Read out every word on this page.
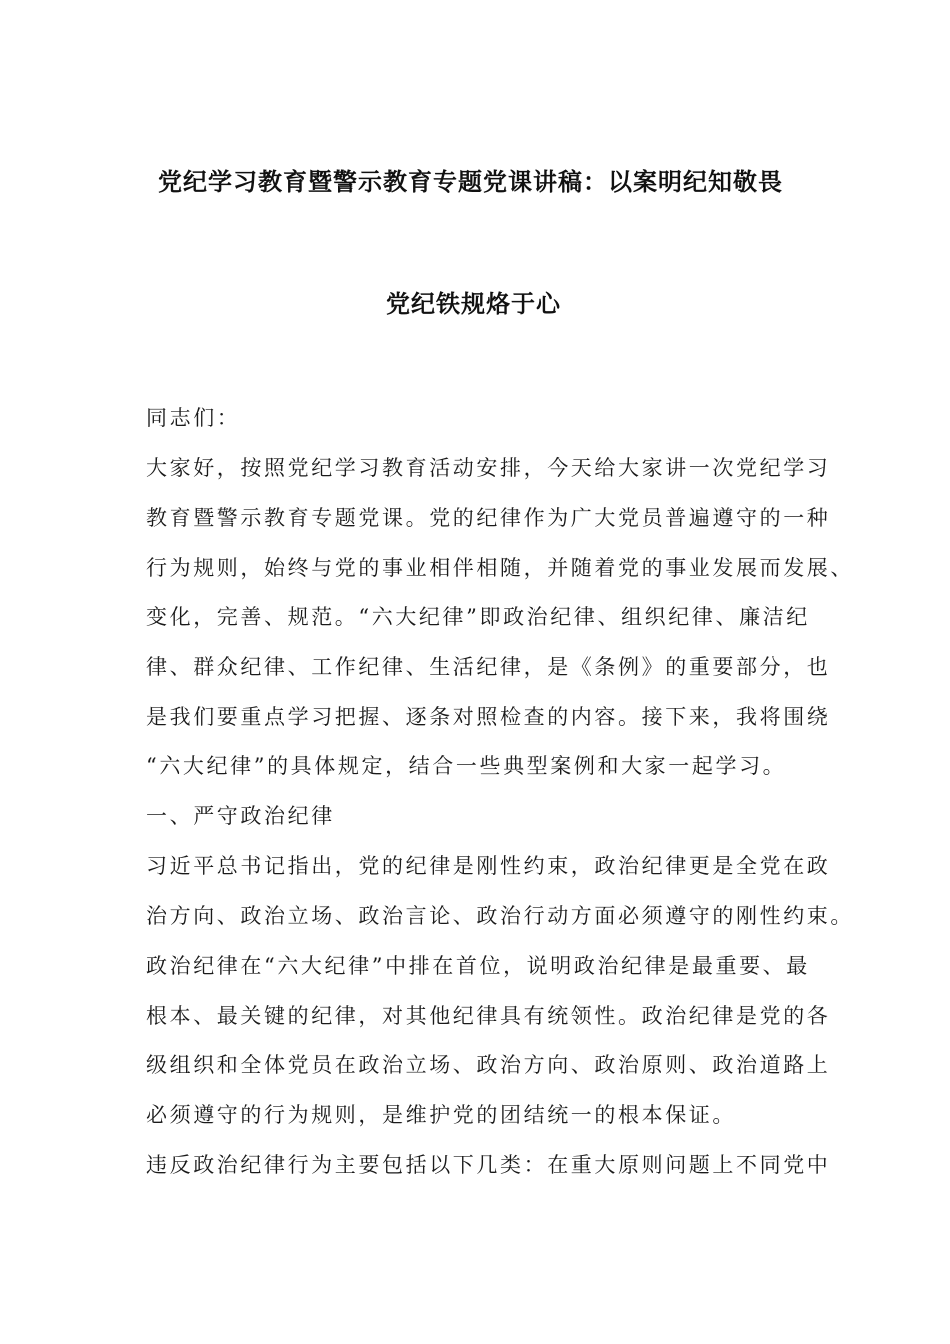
党纪学习教育暨警示教育专题党课讲稿：以案明纪知敬畏
党纪铁规烙于心
同志们：
大家好，按照党纪学习教育活动安排，今天给大家讲一次党纪学习
教育暨警示教育专题党课。党的纪律作为广大党员普遍遵守的一种
行为规则，始终与党的事业相伴相随，并随着党的事业发展而发展、
变化，完善、规范。“六大纪律”即政治纪律、组织纪律、廉洁纪
律、群众纪律、工作纪律、生活纪律，是《条例》的重要部分，也
是我们要重点学习把握、逐条对照检查的内容。接下来，我将围绕
“六大纪律”的具体规定，结合一些典型案例和大家一起学习。
一、严守政治纪律
习近平总书记指出，党的纪律是刚性约束，政治纪律更是全党在政
治方向、政治立场、政治言论、政治行动方面必须遵守的刚性约束。
政治纪律在“六大纪律”中排在首位，说明政治纪律是最重要、最
根本、最关键的纪律，对其他纪律具有统领性。政治纪律是党的各
级组织和全体党员在政治立场、政治方向、政治原则、政治道路上
必须遵守的行为规则，是维护党的团结统一的根本保证。
违反政治纪律行为主要包括以下几类：在重大原则问题上不同党中
